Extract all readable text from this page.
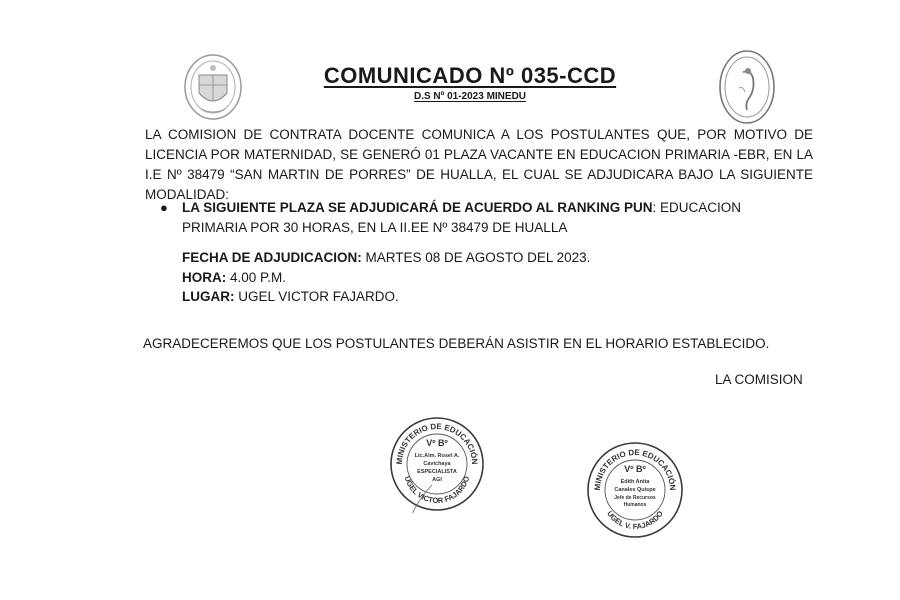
COMUNICADO Nº 035-CCD
D.S Nº 01-2023 MINEDU
LA COMISION DE CONTRATA DOCENTE COMUNICA A LOS POSTULANTES QUE, POR MOTIVO DE LICENCIA POR MATERNIDAD, SE GENERÓ 01 PLAZA VACANTE EN EDUCACION PRIMARIA -EBR, EN LA I.E Nº 38479 “SAN MARTIN DE PORRES” DE HUALLA, EL CUAL SE ADJUDICARA BAJO LA SIGUIENTE MODALIDAD:
● LA SIGUIENTE PLAZA SE ADJUDICARÁ DE ACUERDO AL RANKING PUN: EDUCACION PRIMARIA POR 30 HORAS, EN LA II.EE Nº 38479 DE HUALLA
FECHA DE ADJUDICACION: MARTES 08 DE AGOSTO DEL 2023.
HORA: 4.00 P.M.
LUGAR: UGEL VICTOR FAJARDO.
AGRADECEREMOS QUE LOS POSTULANTES DEBERÁN ASISTIR EN EL HORARIO ESTABLECIDO.
LA COMISION
MINISTERIO DE EDUCACIÓN
UGEL VICTOR FAJARDO
Vº Bº
Lic.Alm. Rosel A.
Cavichaya
ESPECIALISTA
AGI
MINISTERIO DE EDUCACIÓN
UGEL V. FAJARDO
Vº Bº
Edith Anita
Canales Quispe
Jefe de Recursos
Humanos
